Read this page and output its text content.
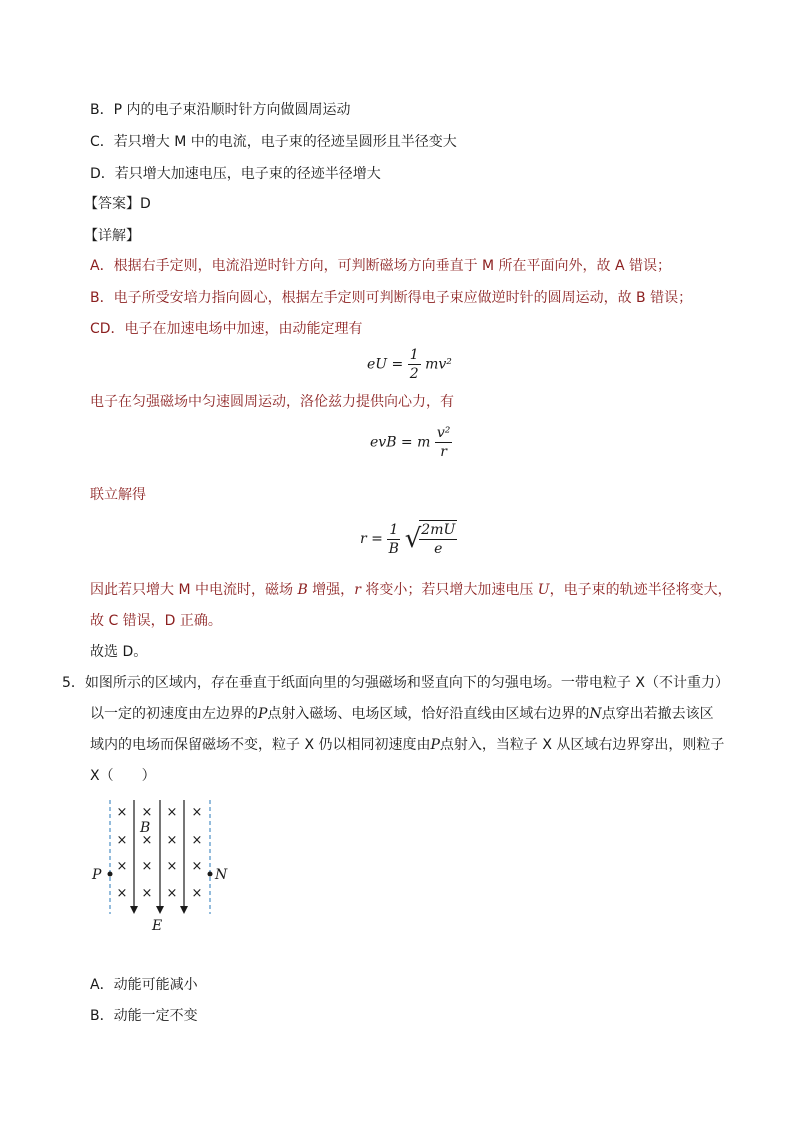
B．P 内的电子束沿顺时针方向做圆周运动
C．若只增大 M 中的电流，电子束的径迹呈圆形且半径变大
D．若只增大加速电压，电子束的径迹半径增大
【答案】D
【详解】
A．根据右手定则，电流沿逆时针方向，可判断磁场方向垂直于 M 所在平面向外，故 A 错误；
B．电子所受安培力指向圆心，根据左手定则可判断得电子束应做逆时针的圆周运动，故 B 错误；
CD．电子在加速电场中加速，由动能定理有
eU = $\frac{1}{2} mv^2$
电子在匀强磁场中匀速圆周运动，洛伦兹力提供向心力，有
evB = m $\frac{\text{v²}}{r}$
联立解得
$r = \frac{1}{B}$ √
$\frac{2mU}{e}$
因此若只增大 M 中电流时，磁场 B 增强，r 将变小；若只增大加速电压 U，电子束的轨迹半径将变大，
故 C 错误，D 正确。
故选 D。
5．如图所示的区域内，存在垂直于纸面向里的匀强磁场和竖直向下的匀强电场。一带电粒子 X（不计重力）
以一定的初速度由左边界的P点射入磁场、电场区域，恰好沿直线由区域右边界的N点穿出若撤去该区
域内的电场而保留磁场不变，粒子 X 仍以相同初速度由P点射入，当粒子 X 从区域右边界穿出，则粒子
X（　　）
× × × ×
× × × ×
× × × ×
× × × ×
P	N
B
E
A．动能可能减小
B．动能一定不变
